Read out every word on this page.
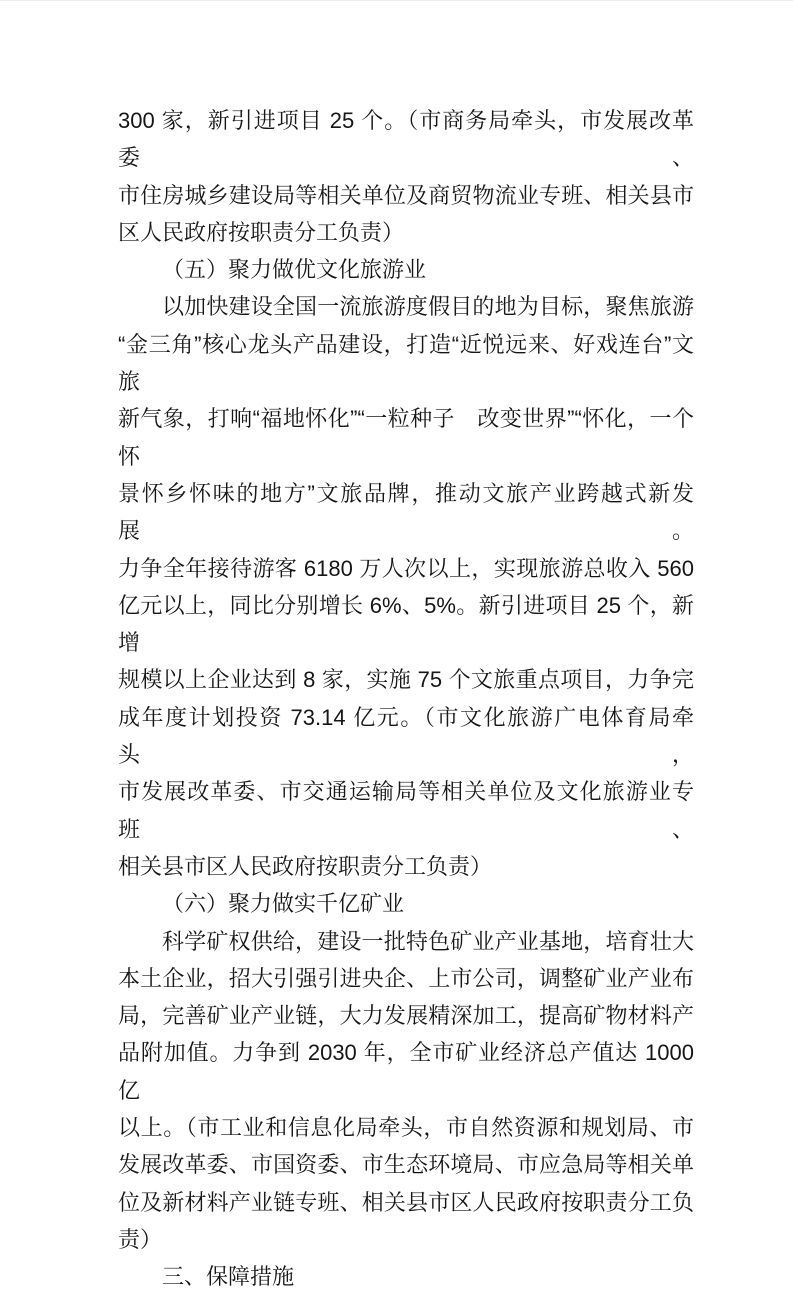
300 家，新引进项目 25 个。（市商务局牵头，市发展改革委、
市住房城乡建设局等相关单位及商贸物流业专班、相关县市
区人民政府按职责分工负责）
（五）聚力做优文化旅游业
以加快建设全国一流旅游度假目的地为目标，聚焦旅游
“金三角”核心龙头产品建设，打造“近悦远来、好戏连台”文旅
新气象，打响“福地怀化”“一粒种子　改变世界”“怀化，一个怀
景怀乡怀味的地方”文旅品牌，推动文旅产业跨越式新发展。
力争全年接待游客 6180 万人次以上，实现旅游总收入 560
亿元以上，同比分别增长 6%、5%。新引进项目 25 个，新增
规模以上企业达到 8 家，实施 75 个文旅重点项目，力争完
成年度计划投资 73.14 亿元。（市文化旅游广电体育局牵头，
市发展改革委、市交通运输局等相关单位及文化旅游业专班、
相关县市区人民政府按职责分工负责）
（六）聚力做实千亿矿业
科学矿权供给，建设一批特色矿业产业基地，培育壮大
本土企业，招大引强引进央企、上市公司，调整矿业产业布
局，完善矿业产业链，大力发展精深加工，提高矿物材料产
品附加值。力争到 2030 年，全市矿业经济总产值达 1000 亿
以上。（市工业和信息化局牵头，市自然资源和规划局、市
发展改革委、市国资委、市生态环境局、市应急局等相关单
位及新材料产业链专班、相关县市区人民政府按职责分工负
责）
三、保障措施
